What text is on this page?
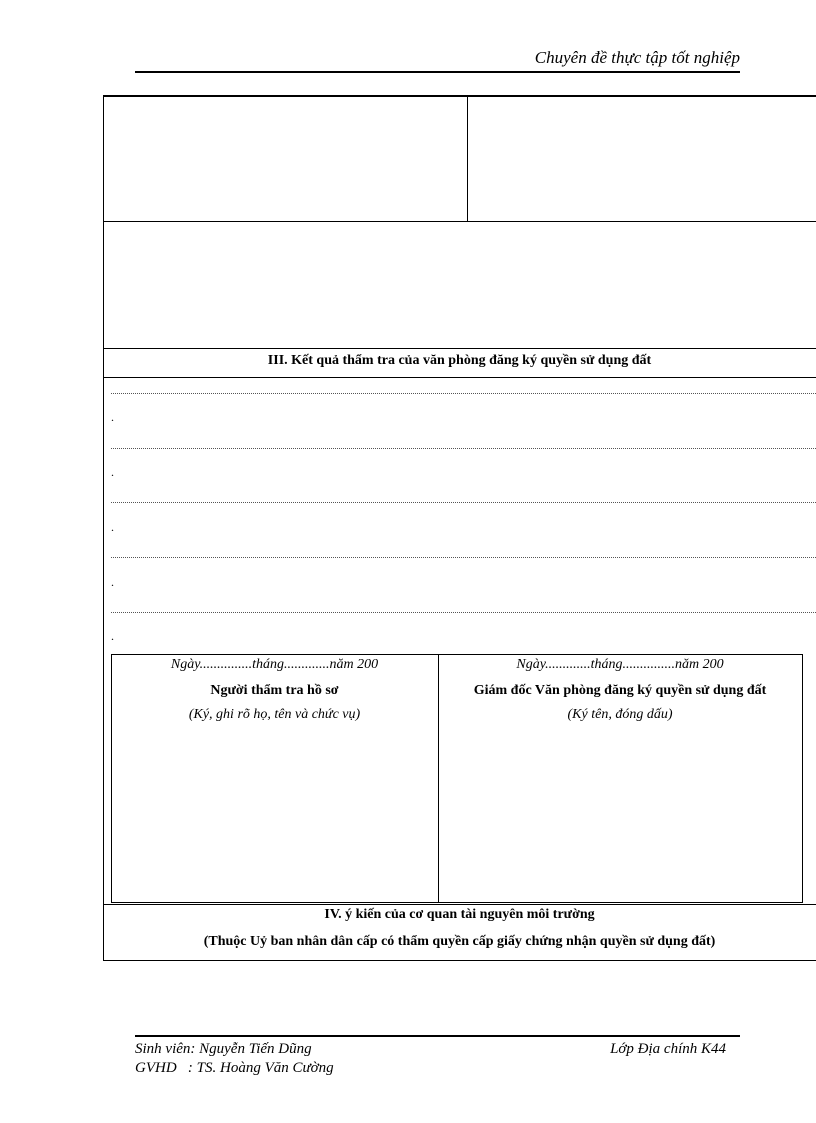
Chuyên đề thực tập tốt nghiệp
III. Kết quả thẩm tra của văn phòng đăng ký quyền sử dụng đất
.
.
.
.
.
Ngày...............tháng.............năm 200
Người thẩm tra hồ sơ
(Ký, ghi rõ họ, tên và chức vụ)
Ngày.............tháng...............năm 200
Giám đốc Văn phòng đăng ký quyền sử dụng đất
(Ký tên, đóng dấu)
IV. ý kiến của cơ quan tài nguyên môi trường
(Thuộc Uỷ ban nhân dân cấp có thẩm quyền cấp giấy chứng nhận quyền sử dụng đất)
Sinh viên: Nguyễn Tiến Dũng
GVHD   : TS. Hoàng Văn Cường
Lớp Địa chính K44
